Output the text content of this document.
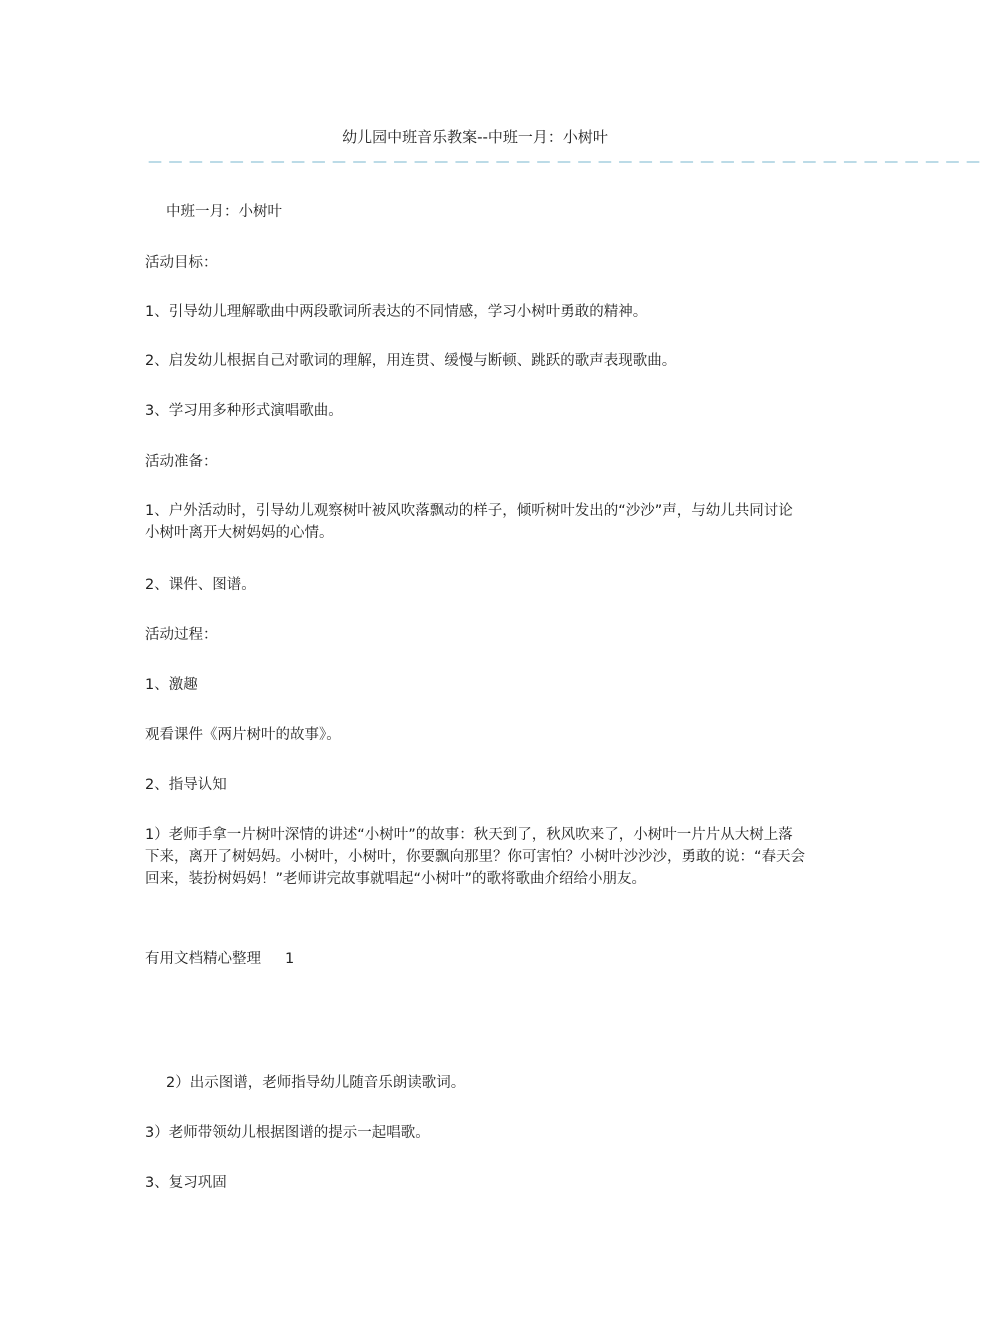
幼儿园中班音乐教案--中班一月：小树叶
— — — — — — — — — — — — — — — — — — — — — — — — — — — — — — — — — — — — — — — — —
中班一月：小树叶
活动目标：
1、引导幼儿理解歌曲中两段歌词所表达的不同情感，学习小树叶勇敢的精神。
2、启发幼儿根据自己对歌词的理解，用连贯、缓慢与断顿、跳跃的歌声表现歌曲。
3、学习用多种形式演唱歌曲。
活动准备：
1、户外活动时，引导幼儿观察树叶被风吹落飘动的样子，倾听树叶发出的“沙沙”声，与幼儿共同讨论小树叶离开大树妈妈的心情。
2、课件、图谱。
活动过程：
1、激趣
观看课件《两片树叶的故事》。
2、指导认知
1）老师手拿一片树叶深情的讲述“小树叶”的故事：秋天到了，秋风吹来了，小树叶一片片从大树上落下来，离开了树妈妈。小树叶，小树叶，你要飘向那里？你可害怕？小树叶沙沙沙，勇敢的说：“春天会回来，装扮树妈妈！”老师讲完故事就唱起“小树叶”的歌将歌曲介绍给小朋友。
有用文档精心整理 1
2）出示图谱，老师指导幼儿随音乐朗读歌词。
3）老师带领幼儿根据图谱的提示一起唱歌。
3、复习巩固
